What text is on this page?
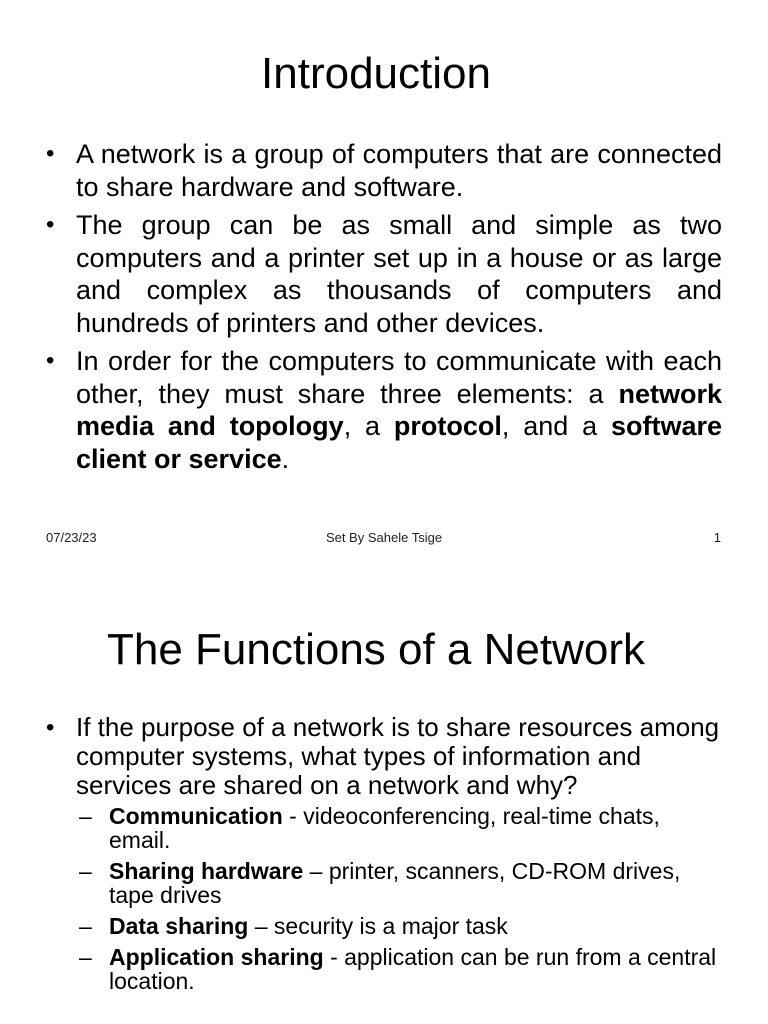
Introduction
• A network is a group of computers that are connected to share hardware and software.
• The group can be as small and simple as two computers and a printer set up in a house or as large and complex as thousands of computers and hundreds of printers and other devices.
• In order for the computers to communicate with each other, they must share three elements: a network media and topology, a protocol, and a software client or service.
07/23/23	Set By Sahele Tsige	1
The Functions of a Network
• If the purpose of a network is to share resources among computer systems, what types of information and services are shared on a network and why?
– Communication - videoconferencing, real-time chats, email.
– Sharing hardware – printer, scanners, CD-ROM drives, tape drives
– Data sharing – security is a major task
– Application sharing - application can be run from a central location.
